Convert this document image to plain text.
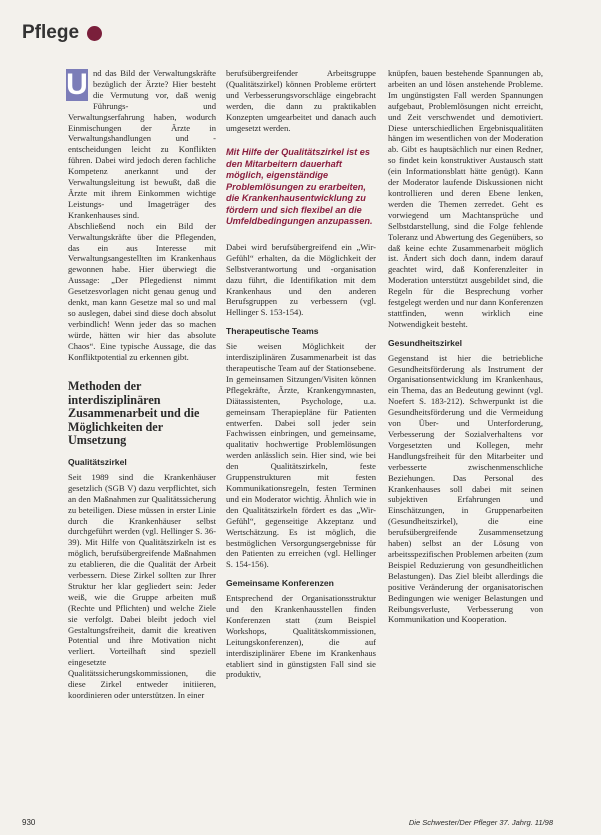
Pflege
U nd das Bild der Verwaltungskräfte bezüglich der Ärzte? Hier besteht die Vermutung vor, daß wenig Führungs- und Verwaltungserfahrung haben, wodurch Einmischungen der Ärzte in Verwaltungshandlungen und -entscheidungen leicht zu Konflikten führen. Dabei wird jedoch deren fachliche Kompetenz anerkannt und der Verwaltungsleitung ist bewußt, daß die Ärzte mit ihrem Einkommen wichtige Leistungs- und Imageträger des Krankenhauses sind.

Abschließend noch ein Bild der Verwaltungskräfte über die Pflegenden, das ein aus Interesse mit Verwaltungsangestellten im Krankenhaus gewonnen habe. Hier überwiegt die Aussage: „Der Pflegedienst nimmt Gesetzesvorlagen nicht genau genug und denkt, man kann Gesetze mal so und mal so auslegen, dabei sind diese doch absolut verbindlich! Wenn jeder das so machen würde, hätten wir hier das absolute Chaos“. Eine typische Aussage, die das Konfliktpotential zu erkennen gibt.

Methoden der interdisziplinären Zusammenarbeit und die Möglichkeiten der Umsetzung
Qualitätszirkel

Seit 1989 sind die Krankenhäuser gesetzlich (SGB V) dazu verpflichtet, sich an den Maßnahmen zur Qualitätssicherung zu beteiligen. Diese müssen in erster Linie durch die Krankenhäuser selbst durchgeführt werden (vgl. Hellinger S. 36-39). Mit Hilfe von Qualitätszirkeln ist es möglich, berufsübergreifende Maßnahmen zu etablieren, die die Qualität der Arbeit verbessern. Diese Zirkel sollten zur Ihrer Struktur her klar gegliedert sein: Jeder weiß, wie die Gruppe arbeiten muß (Rechte und Pflichten) und welche Ziele sie verfolgt. Dabei bleibt jedoch viel Gestaltungsfreiheit, damit die kreativen Potential und ihre Motivation nicht verliert. Vorteilhaft sind speziell eingesetzte Qualitätssicherungskommissionen, die diese Zirkel entweder initiieren, koordinieren oder unterstützen. In einer

berufsübergreifender Arbeitsgruppe (Qualitätszirkel) können Probleme erörtert und Verbesserungsvorschläge eingebracht werden, die dann zu praktikablen Konzepten umgearbeitet und danach auch umgesetzt werden.

Mit Hilfe der Qualitätszirkel ist es den Mitarbeitern dauerhaft möglich, eigenständige Problemlösungen zu erarbeiten, die Krankenhausentwicklung zu fördern und sich flexibel an die Umfeldbedingungen anzupassen.

Dabei wird berufsübergreifend ein „Wir-Gefühl“ erhalten, da die Möglichkeit der Selbstverantwortung und -organisation dazu führt, die Identifikation mit dem Krankenhaus und den anderen Berufsgruppen zu verbessern (vgl. Hellinger S. 153-154).

Therapeutische Teams

Sie weisen Möglichkeit der interdisziplinären Zusammenarbeit ist das therapeutische Team auf der Stationsebene. In gemeinsamen Sitzungen/Visiten können Pflegekräfte, Ärzte, Krankengymnasten, Diätassistenten, Psychologe, u.a. gemeinsam Therapiepläne für Patienten entwerfen. Dabei soll jeder sein Fachwissen einbringen, und gemeinsame, qualitativ hochwertige Problemlösungen werden anlässlich sein. Hier sind, wie bei den Qualitätszirkeln, feste Gruppenstrukturen mit festen Kommunikationsregeln, festen Terminen und ein Moderator wichtig. Ähnlich wie in den Qualitätszirkeln fördert es das „Wir-Gefühl“, gegenseitige Akzeptanz und Wertschätzung. Es ist möglich, die bestmöglichen Versorgungsergebnisse für den Patienten zu erreichen (vgl. Hellinger S. 154-156).

Gemeinsame Konferenzen

Entsprechend der Organisationsstruktur und den Krankenhausstellen finden Konferenzen statt (zum Beispiel Workshops, Qualitätskommissionen, Leitungskonferenzen), die auf interdisziplinärer Ebene im Krankenhaus etabliert sind in günstigsten Fall sind sie produktiv,

knüpfen, bauen bestehende Spannungen ab, arbeiten an und lösen anstehende Probleme. Im ungünstigsten Fall werden Spannungen aufgebaut, Problemlösungen nicht erreicht, und Zeit verschwendet und demotiviert. Diese unterschiedlichen Ergebnisqualitäten hängen im wesentlichen von der Moderation ab. Gibt es hauptsächlich nur einen Redner, so findet kein konstruktiver Austausch statt (ein Informationsblatt hätte genügt). Kann der Moderator laufende Diskussionen nicht kontrollieren und deren Ebene lenken, werden die Themen zerredet. Geht es vorwiegend um Machtansprüche und Selbstdarstellung, sind die Folge fehlende Toleranz und Abwertung des Gegenübers, so daß keine echte Zusammenarbeit möglich ist. Ändert sich doch dann, indem darauf geachtet wird, daß Konferenzleiter in Moderation unterstützt ausgebildet sind, die Regeln für die Besprechung vorher festgelegt werden und nur dann Konferenzen stattfinden, wenn wirklich eine Notwendigkeit besteht.

Gesundheitszirkel

Gegenstand ist hier die betriebliche Gesundheitsförderung als Instrument der Organisationsentwicklung im Krankenhaus, ein Thema, das an Bedeutung gewinnt (vgl. Noefert S. 183-212). Schwerpunkt ist die Gesundheitsförderung und die Vermeidung von Über- und Unterforderung, Verbesserung der Sozialverhaltens vor Vorgesetzten und Kollegen, mehr Handlungsfreiheit für den Mitarbeiter und verbesserte zwischenmenschliche Beziehungen. Das Personal des Krankenhauses soll dabei mit seinen subjektiven Erfahrungen und Einschätzungen, in Gruppenarbeiten (Gesundheitszirkel), die eine berufsübergreifende Zusammensetzung haben) selbst an der Lösung von arbeitsspezifischen Problemen arbeiten (zum Beispiel Reduzierung von gesundheitlichen Belastungen). Das Ziel bleibt allerdings die positive Veränderung der organisatorischen Bedingungen wie weniger Belastungen und Reibungsverluste, Verbesserung von Kommunikation und Kooperation.

930	Die Schwester/Der Pfleger 37. Jahrg. 11/98
